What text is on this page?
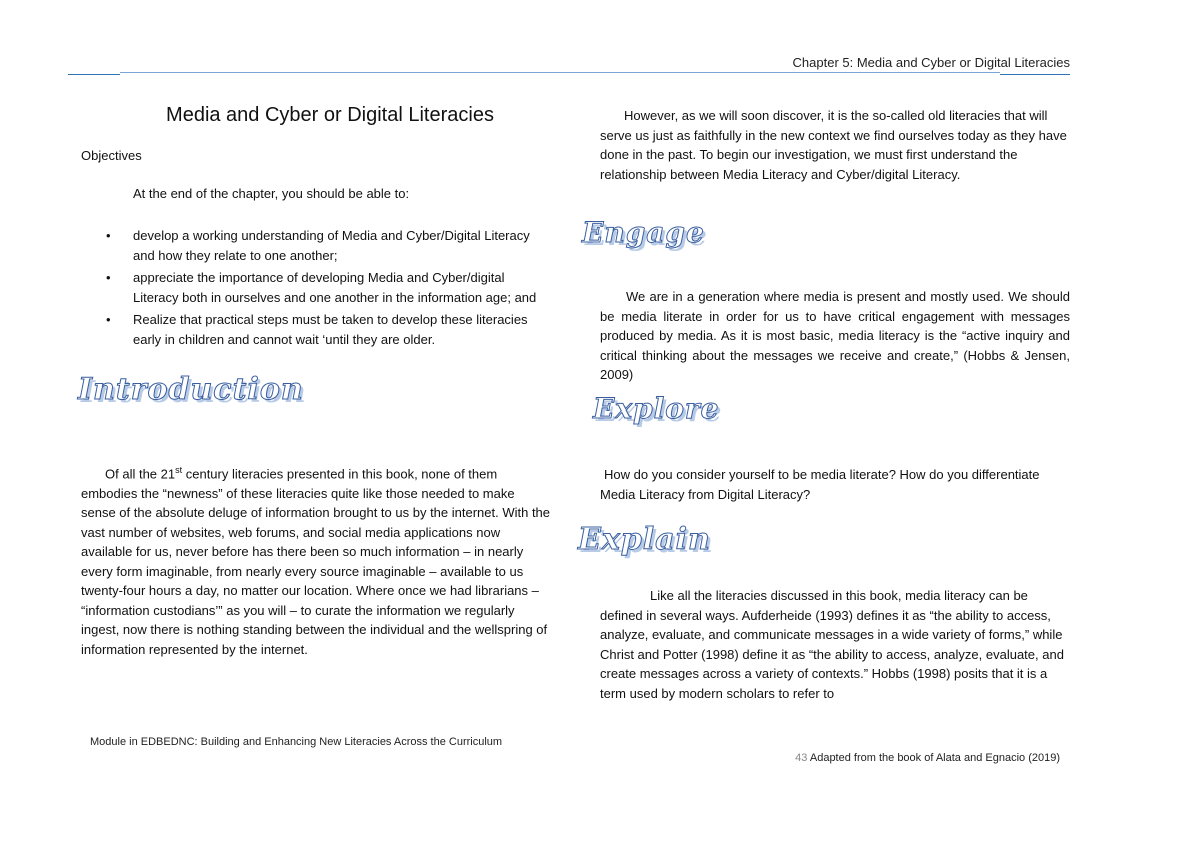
Chapter 5: Media and Cyber or Digital Literacies
Media and Cyber or Digital Literacies
Objectives
At the end of the chapter, you should be able to:
• develop a working understanding of Media and Cyber/Digital Literacy and how they relate to one another;
• appreciate the importance of developing Media and Cyber/digital Literacy both in ourselves and one another in the information age; and
• Realize that practical steps must be taken to develop these literacies early in children and cannot wait ‘until they are older.
Introduction

Of all the 21st century literacies presented in this book, none of them embodies the “newness” of these literacies quite like those needed to make sense of the absolute deluge of information brought to us by the internet. With the vast number of websites, web forums, and social media applications now available for us, never before has there been so much information – in nearly every form imaginable, from nearly every source imaginable – available to us twenty-four hours a day, no matter our location. Where once we had librarians – “information custodians’” as you will – to curate the information we regularly ingest, now there is nothing standing between the individual and the wellspring of information represented by the internet.

Module in EDBEDNC: Building and Enhancing New Literacies Across the Curriculum

However, as we will soon discover, it is the so-called old literacies that will serve us just as faithfully in the new context we find ourselves today as they have done in the past. To begin our investigation, we must first understand the relationship between Media Literacy and Cyber/digital Literacy.

Engage

We are in a generation where media is present and mostly used. We should be media literate in order for us to have critical engagement with messages produced by media. As it is most basic, media literacy is the “active inquiry and critical thinking about the messages we receive and create,” (Hobbs & Jensen, 2009)

Explore

How do you consider yourself to be media literate? How do you differentiate Media Literacy from Digital Literacy?

Explain

Like all the literacies discussed in this book, media literacy can be defined in several ways. Aufderheide (1993) defines it as “the ability to access, analyze, evaluate, and communicate messages in a wide variety of forms,” while Christ and Potter (1998) define it as “the ability to access, analyze, evaluate, and create messages across a variety of contexts.” Hobbs (1998) posits that it is a term used by modern scholars to refer to

43 Adapted from the book of Alata and Egnacio (2019)
